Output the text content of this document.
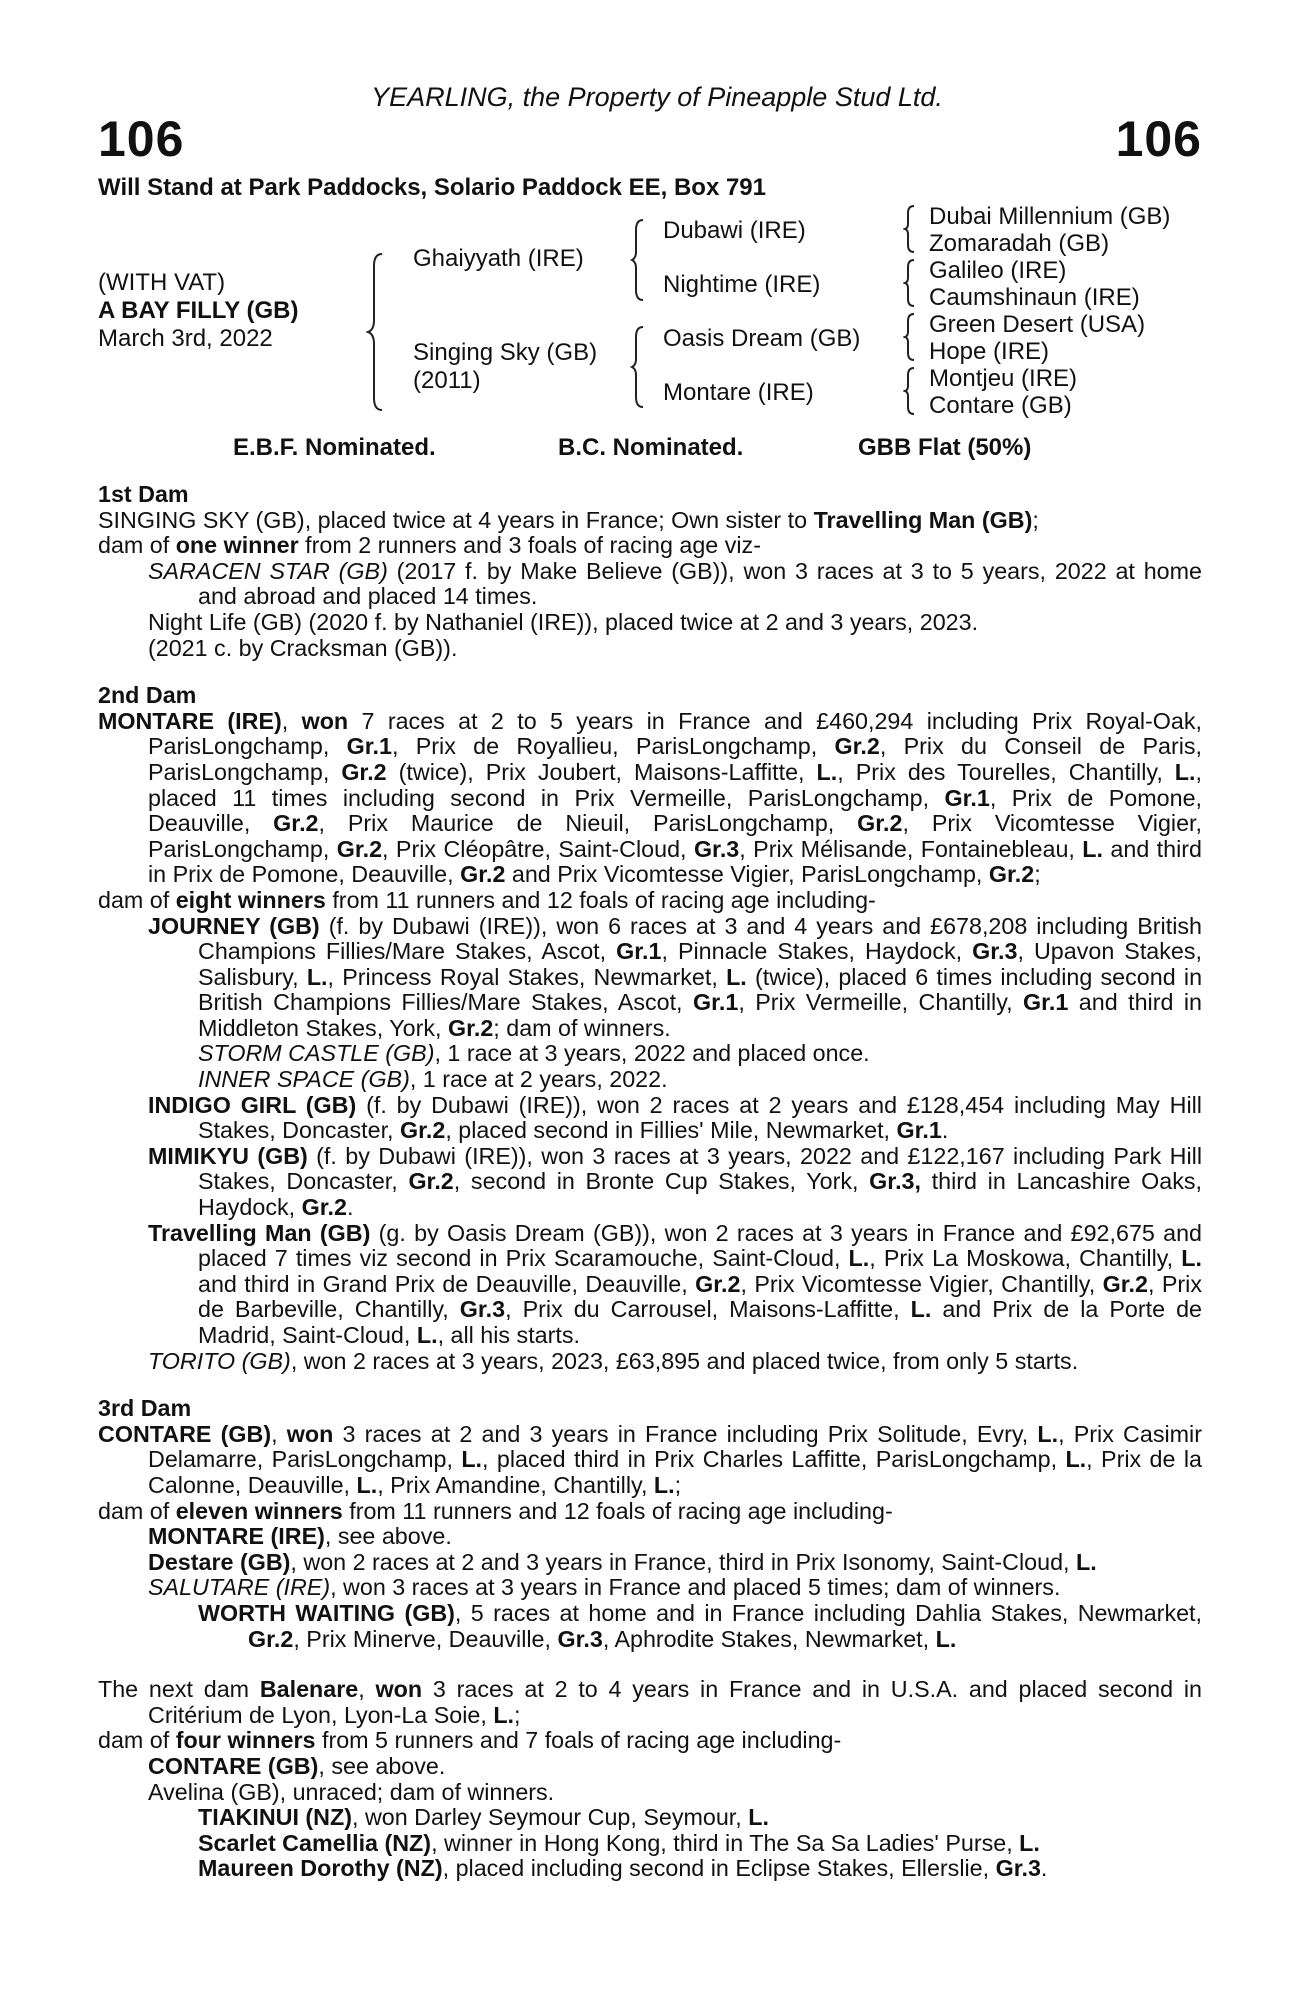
YEARLING, the Property of Pineapple Stud Ltd.
106	106
Will Stand at Park Paddocks, Solario Paddock EE, Box 791
(WITH VAT)
A BAY FILLY (GB)
March 3rd, 2022
Ghaiyyath (IRE)
Singing Sky (GB)
(2011)
Dubawi (IRE)
Nightime (IRE)
Oasis Dream (GB)
Montare (IRE)
Dubai Millennium (GB)
Zomaradah (GB)
Galileo (IRE)
Caumshinaun (IRE)
Green Desert (USA)
Hope (IRE)
Montjeu (IRE)
Contare (GB)
E.B.F. Nominated.	B.C. Nominated.	GBB Flat (50%)
1st Dam
SINGING SKY (GB), placed twice at 4 years in France; Own sister to Travelling Man (GB);
dam of one winner from 2 runners and 3 foals of racing age viz-
SARACEN STAR (GB) (2017 f. by Make Believe (GB)), won 3 races at 3 to 5 years, 2022 at home and abroad and placed 14 times.
Night Life (GB) (2020 f. by Nathaniel (IRE)), placed twice at 2 and 3 years, 2023.
(2021 c. by Cracksman (GB)).
2nd Dam
MONTARE (IRE), won 7 races at 2 to 5 years in France and £460,294 including Prix Royal-Oak, ParisLongchamp, Gr.1, Prix de Royallieu, ParisLongchamp, Gr.2, Prix du Conseil de Paris, ParisLongchamp, Gr.2 (twice), Prix Joubert, Maisons-Laffitte, L., Prix des Tourelles, Chantilly, L., placed 11 times including second in Prix Vermeille, ParisLongchamp, Gr.1, Prix de Pomone, Deauville, Gr.2, Prix Maurice de Nieuil, ParisLongchamp, Gr.2, Prix Vicomtesse Vigier, ParisLongchamp, Gr.2, Prix Cléopâtre, Saint-Cloud, Gr.3, Prix Mélisande, Fontainebleau, L. and third in Prix de Pomone, Deauville, Gr.2 and Prix Vicomtesse Vigier, ParisLongchamp, Gr.2;
dam of eight winners from 11 runners and 12 foals of racing age including-
JOURNEY (GB) (f. by Dubawi (IRE)), won 6 races at 3 and 4 years and £678,208 including British Champions Fillies/Mare Stakes, Ascot, Gr.1, Pinnacle Stakes, Haydock, Gr.3, Upavon Stakes, Salisbury, L., Princess Royal Stakes, Newmarket, L. (twice), placed 6 times including second in British Champions Fillies/Mare Stakes, Ascot, Gr.1, Prix Vermeille, Chantilly, Gr.1 and third in Middleton Stakes, York, Gr.2; dam of winners.
STORM CASTLE (GB), 1 race at 3 years, 2022 and placed once.
INNER SPACE (GB), 1 race at 2 years, 2022.
INDIGO GIRL (GB) (f. by Dubawi (IRE)), won 2 races at 2 years and £128,454 including May Hill Stakes, Doncaster, Gr.2, placed second in Fillies' Mile, Newmarket, Gr.1.
MIMIKYU (GB) (f. by Dubawi (IRE)), won 3 races at 3 years, 2022 and £122,167 including Park Hill Stakes, Doncaster, Gr.2, second in Bronte Cup Stakes, York, Gr.3, third in Lancashire Oaks, Haydock, Gr.2.
Travelling Man (GB) (g. by Oasis Dream (GB)), won 2 races at 3 years in France and £92,675 and placed 7 times viz second in Prix Scaramouche, Saint-Cloud, L., Prix La Moskowa, Chantilly, L. and third in Grand Prix de Deauville, Deauville, Gr.2, Prix Vicomtesse Vigier, Chantilly, Gr.2, Prix de Barbeville, Chantilly, Gr.3, Prix du Carrousel, Maisons-Laffitte, L. and Prix de la Porte de Madrid, Saint-Cloud, L., all his starts.
TORITO (GB), won 2 races at 3 years, 2023, £63,895 and placed twice, from only 5 starts.
3rd Dam
CONTARE (GB), won 3 races at 2 and 3 years in France including Prix Solitude, Evry, L., Prix Casimir Delamarre, ParisLongchamp, L., placed third in Prix Charles Laffitte, ParisLongchamp, L., Prix de la Calonne, Deauville, L., Prix Amandine, Chantilly, L.;
dam of eleven winners from 11 runners and 12 foals of racing age including-
MONTARE (IRE), see above.
Destare (GB), won 2 races at 2 and 3 years in France, third in Prix Isonomy, Saint-Cloud, L.
SALUTARE (IRE), won 3 races at 3 years in France and placed 5 times; dam of winners.
WORTH WAITING (GB), 5 races at home and in France including Dahlia Stakes, Newmarket, Gr.2, Prix Minerve, Deauville, Gr.3, Aphrodite Stakes, Newmarket, L.
The next dam Balenare, won 3 races at 2 to 4 years in France and in U.S.A. and placed second in Critérium de Lyon, Lyon-La Soie, L.;
dam of four winners from 5 runners and 7 foals of racing age including-
CONTARE (GB), see above.
Avelina (GB), unraced; dam of winners.
TIAKINUI (NZ), won Darley Seymour Cup, Seymour, L.
Scarlet Camellia (NZ), winner in Hong Kong, third in The Sa Sa Ladies' Purse, L.
Maureen Dorothy (NZ), placed including second in Eclipse Stakes, Ellerslie, Gr.3.
